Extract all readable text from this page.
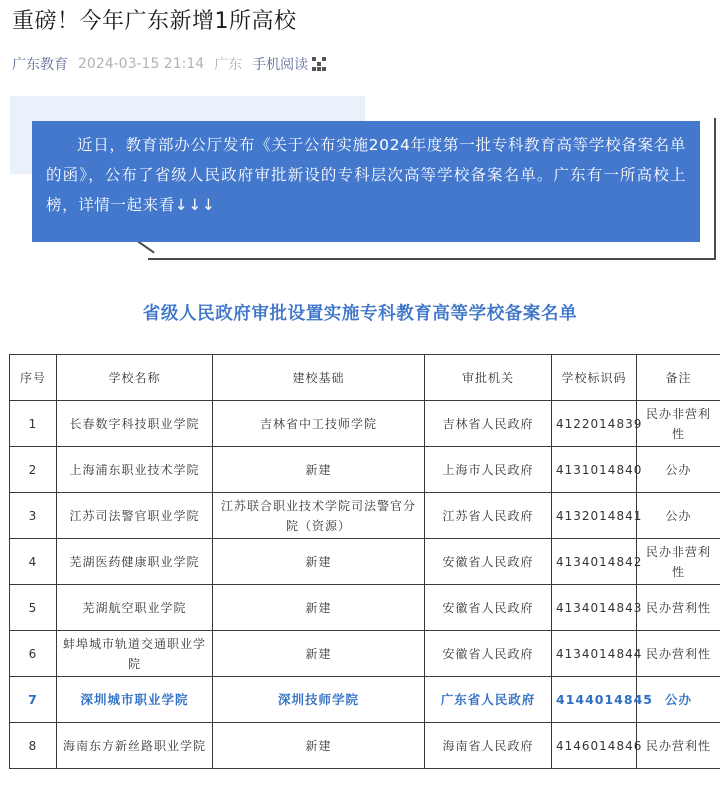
重磅！今年广东新增1所高校
广东教育 2024-03-15 21:14 广东 手机阅读
近日，教育部办公厅发布《关于公布实施2024年度第一批专科教育高等学校备案名单的函》，公布了省级人民政府审批新设的专科层次高等学校备案名单。广东有一所高校上榜，详情一起来看↓↓↓
省级人民政府审批设置实施专科教育高等学校备案名单
序号	学校名称	建校基础	审批机关	学校标识码	备注
1	长春数字科技职业学院	吉林省中工技师学院	吉林省人民政府	4122014839	民办非营利性
2	上海浦东职业技术学院	新建	上海市人民政府	4131014840	公办
3	江苏司法警官职业学院	江苏联合职业技术学院司法警官分院（资源）	江苏省人民政府	4132014841	公办
4	芜湖医药健康职业学院	新建	安徽省人民政府	4134014842	民办非营利性
5	芜湖航空职业学院	新建	安徽省人民政府	4134014843	民办营利性
6	蚌埠城市轨道交通职业学院	新建	安徽省人民政府	4134014844	民办营利性
7	深圳城市职业学院	深圳技师学院	广东省人民政府	4144014845	公办
8	海南东方新丝路职业学院	新建	海南省人民政府	4146014846	民办营利性
